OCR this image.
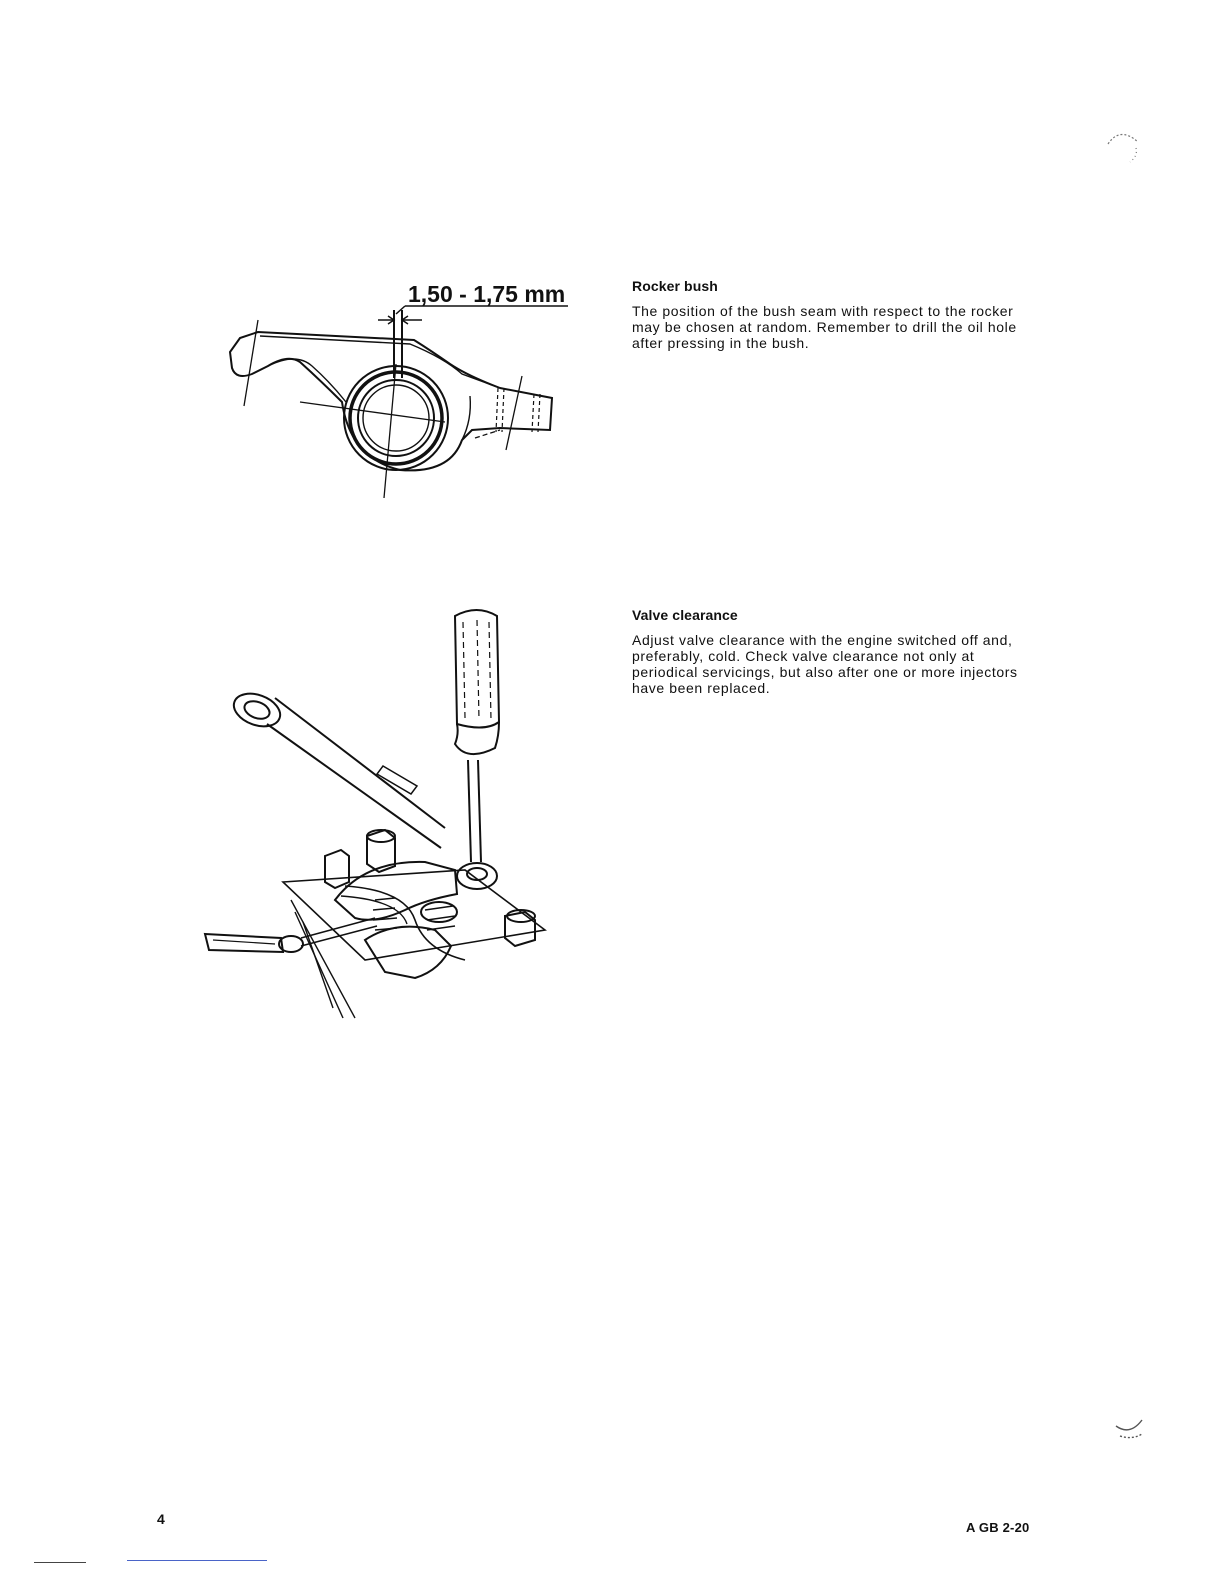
1,50 - 1,75 mm	Rocker bush

The position of the bush seam with respect to the rocker may be chosen at random. Remember to drill the oil hole after pressing in the bush.

Valve clearance

Adjust valve clearance with the engine switched off and, preferably, cold. Check valve clearance not only at periodical servicings, but also after one or more injectors have been replaced.

4
A GB 2-20
